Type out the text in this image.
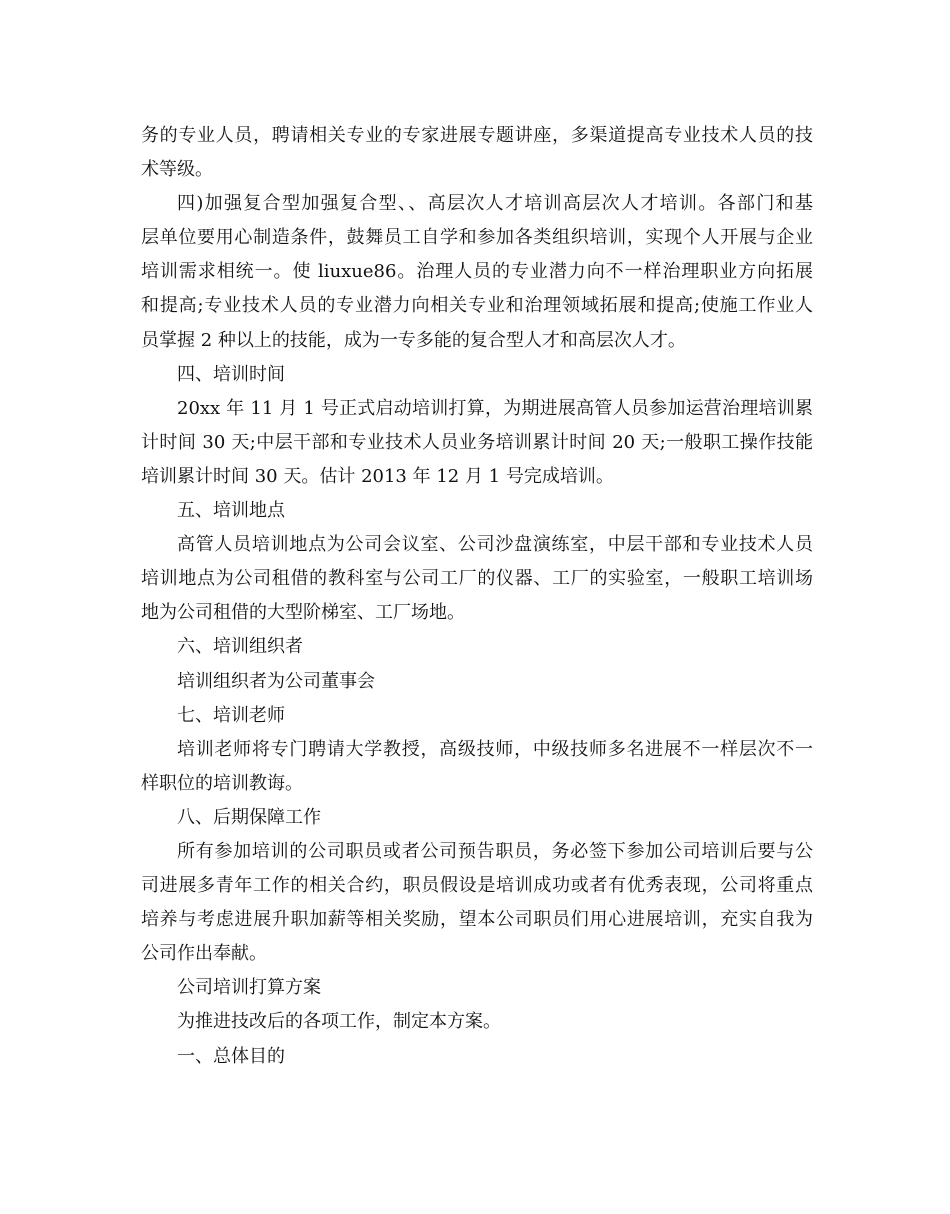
务的专业人员，聘请相关专业的专家进展专题讲座，多渠道提高专业技术人员的技
术等级。
四)加强复合型加强复合型、、高层次人才培训高层次人才培训。各部门和基
层单位要用心制造条件，鼓舞员工自学和参加各类组织培训，实现个人开展与企业
培训需求相统一。使 liuxue86。治理人员的专业潜力向不一样治理职业方向拓展
和提高;专业技术人员的专业潜力向相关专业和治理领域拓展和提高;使施工作业人
员掌握 2 种以上的技能，成为一专多能的复合型人才和高层次人才。
四、培训时间
20xx 年 11 月 1 号正式启动培训打算，为期进展高管人员参加运营治理培训累
计时间 30 天;中层干部和专业技术人员业务培训累计时间 20 天;一般职工操作技能
培训累计时间 30 天。估计 2013 年 12 月 1 号完成培训。
五、培训地点
高管人员培训地点为公司会议室、公司沙盘演练室，中层干部和专业技术人员
培训地点为公司租借的教科室与公司工厂的仪器、工厂的实验室，一般职工培训场
地为公司租借的大型阶梯室、工厂场地。
六、培训组织者
培训组织者为公司董事会
七、培训老师
培训老师将专门聘请大学教授，高级技师，中级技师多名进展不一样层次不一
样职位的培训教诲。
八、后期保障工作
所有参加培训的公司职员或者公司预告职员，务必签下参加公司培训后要与公
司进展多青年工作的相关合约，职员假设是培训成功或者有优秀表现，公司将重点
培养与考虑进展升职加薪等相关奖励，望本公司职员们用心进展培训，充实自我为
公司作出奉献。
公司培训打算方案
为推进技改后的各项工作，制定本方案。
一、总体目的
